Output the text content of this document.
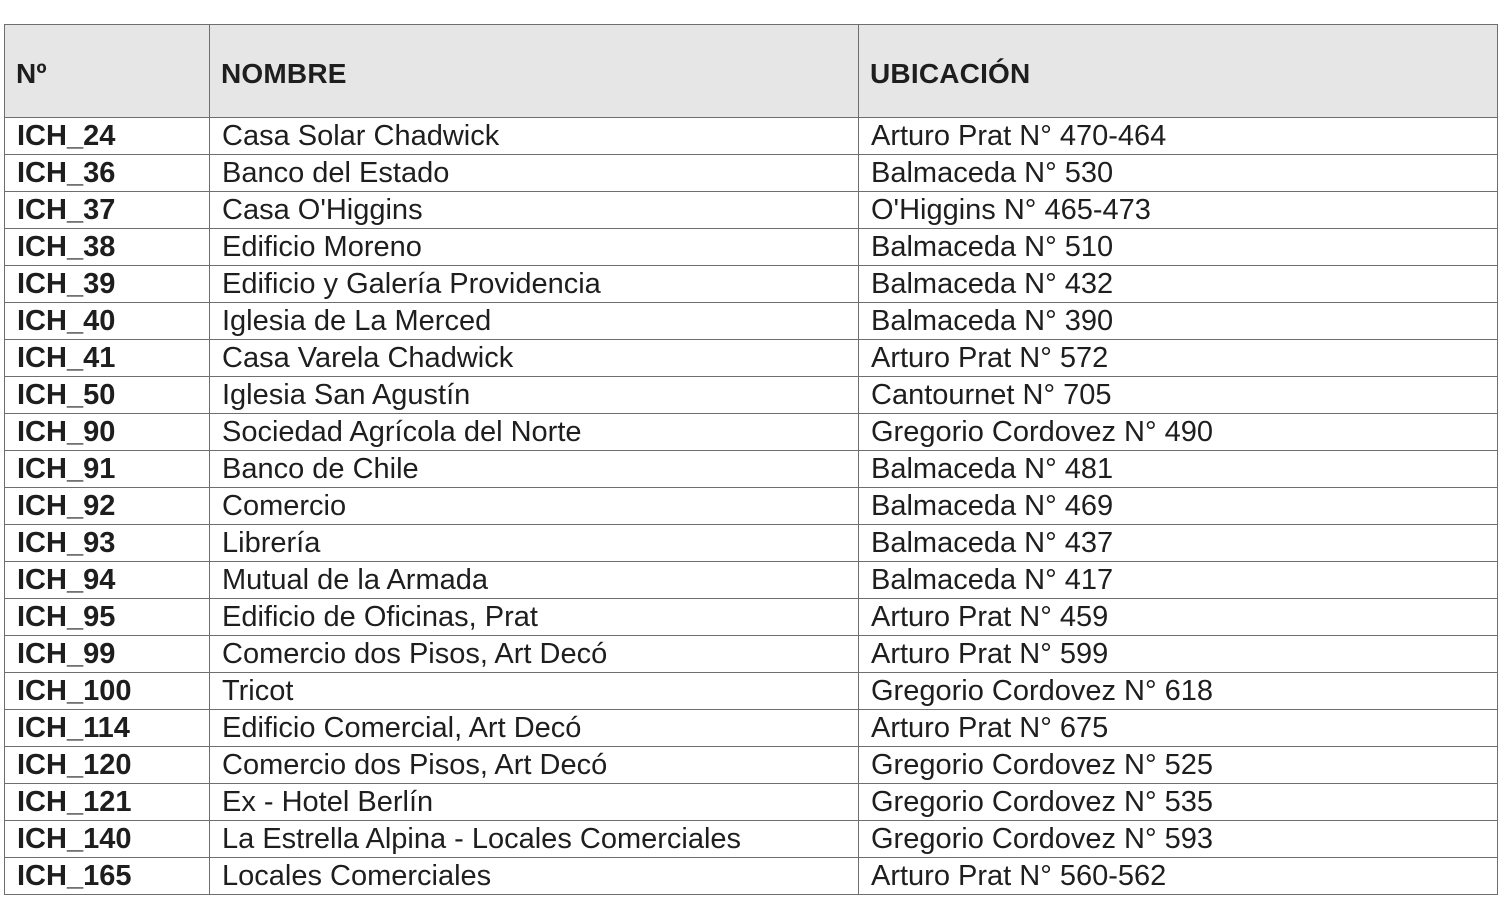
Nº	NOMBRE	UBICACIÓN
ICH_24	Casa Solar Chadwick	Arturo Prat N° 470-464
ICH_36	Banco del Estado	Balmaceda N° 530
ICH_37	Casa O'Higgins	O'Higgins N° 465-473
ICH_38	Edificio Moreno	Balmaceda N° 510
ICH_39	Edificio y Galería Providencia	Balmaceda N° 432
ICH_40	Iglesia de La Merced	Balmaceda N° 390
ICH_41	Casa Varela Chadwick	Arturo Prat N° 572
ICH_50	Iglesia San Agustín	Cantournet N° 705
ICH_90	Sociedad Agrícola del Norte	Gregorio Cordovez N° 490
ICH_91	Banco de Chile	Balmaceda N° 481
ICH_92	Comercio	Balmaceda N° 469
ICH_93	Librería	Balmaceda N° 437
ICH_94	Mutual de la Armada	Balmaceda N° 417
ICH_95	Edificio de Oficinas, Prat	Arturo Prat N° 459
ICH_99	Comercio dos Pisos, Art Decó	Arturo Prat N° 599
ICH_100	Tricot	Gregorio Cordovez N° 618
ICH_114	Edificio Comercial, Art Decó	Arturo Prat N° 675
ICH_120	Comercio dos Pisos, Art Decó	Gregorio Cordovez N° 525
ICH_121	Ex - Hotel Berlín	Gregorio Cordovez N° 535
ICH_140	La Estrella Alpina - Locales Comerciales	Gregorio Cordovez N° 593
ICH_165	Locales Comerciales	Arturo Prat N° 560-562
